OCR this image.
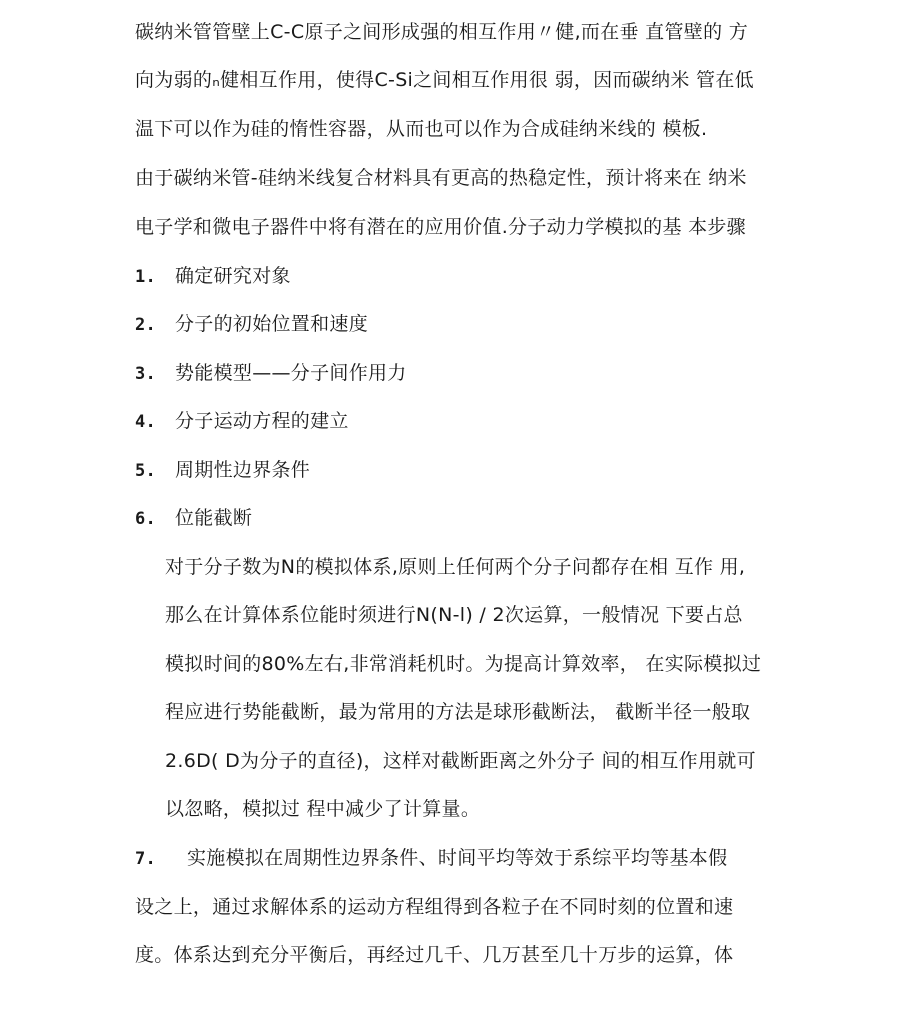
碳纳米管管壁上C-C原子之间形成强的相互作用〃健,而在垂 直管壁的 方
向为弱的ₙ健相互作用，使得C-Si之间相互作用很 弱，因而碳纳米 管在低
温下可以作为硅的惰性容器，从而也可以作为合成硅纳米线的 模板.
由于碳纳米管-硅纳米线复合材料具有更高的热稳定性，预计将来在 纳米
电子学和微电子器件中将有潜在的应用价值.分子动力学模拟的基 本步骤
1. 确定研究对象
2. 分子的初始位置和速度
3. 势能模型——分子间作用力
4. 分子运动方程的建立
5. 周期性边界条件
6. 位能截断
对于分子数为N的模拟体系,原则上任何两个分子问都存在相 互作 用,
那么在计算体系位能时须进行N(N-l) / 2次运算，一般情况 下要占总
模拟时间的80%左右,非常消耗机时。为提高计算效率， 在实际模拟过
程应进行势能截断，最为常用的方法是球形截断法， 截断半径一般取
2.6D( D为分子的直径)，这样对截断距离之外分子 间的相互作用就可
以忽略，模拟过 程中减少了计算量。
7. 实施模拟在周期性边界条件、时间平均等效于系综平均等基本假
设之上，通过求解体系的运动方程组得到各粒子在不同时刻的位置和速
度。体系达到充分平衡后，再经过几千、几万甚至几十万步的运算，体
